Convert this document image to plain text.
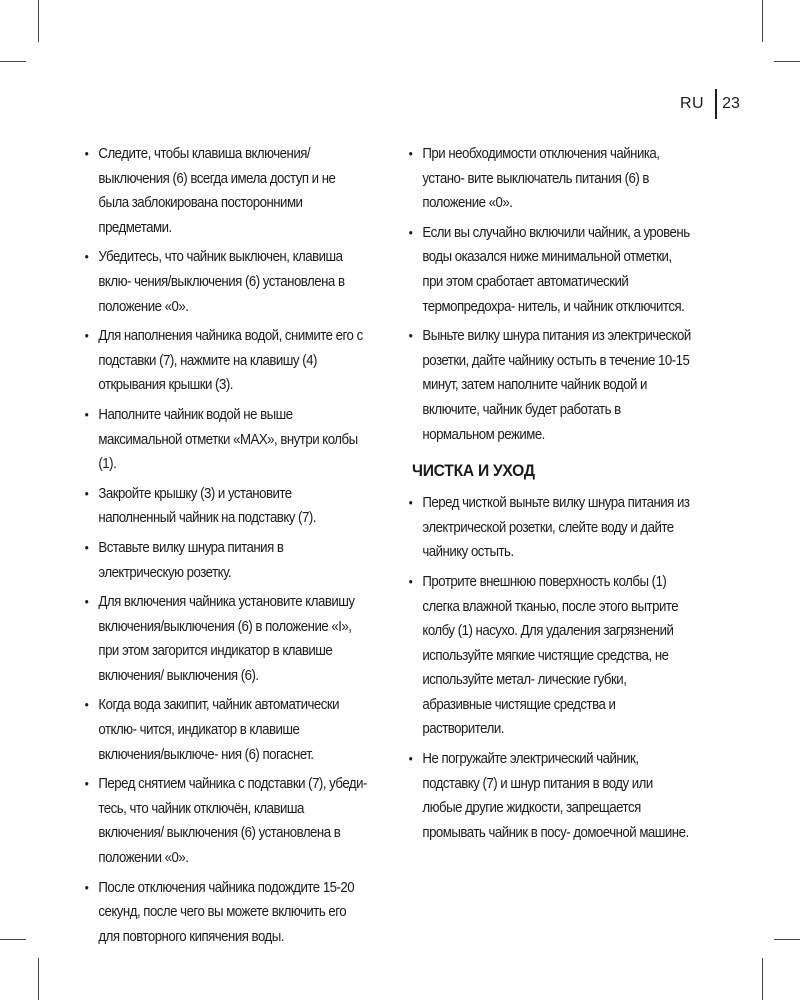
RU 23
• Следите, чтобы клавиша включения/выключения (6) всегда имела доступ и не была заблокирована посторонними предметами.
• Убедитесь, что чайник выключен, клавиша вклю- чения/выключения (6) установлена в положение «0».
• Для наполнения чайника водой, снимите его с подставки (7), нажмите на клавишу (4) открывания крышки (3).
• Наполните чайник водой не выше максимальной отметки «MAX», внутри колбы (1).
• Закройте крышку (3) и установите наполненный чайник на подставку (7).
• Вставьте вилку шнура питания в электрическую розетку.
• Для включения чайника установите клавишу включения/выключения (6) в положение «I», при этом загорится индикатор в клавише включения/ выключения (6).
• Когда вода закипит, чайник автоматически отклю- чится, индикатор в клавише включения/выключе- ния (6) погаснет.
• Перед снятием чайника с подставки (7), убеди- тесь, что чайник отключён, клавиша включения/ выключения (6) установлена в положении «0».
• После отключения чайника подождите 15-20 секунд, после чего вы можете включить его для повторного кипячения воды.
• При необходимости отключения чайника, устано- вите выключатель питания (6) в положение «0».
• Если вы случайно включили чайник, а уровень воды оказался ниже минимальной отметки, при этом сработает автоматический термопредохра- нитель, и чайник отключится.
• Выньте вилку шнура питания из электрической розетки, дайте чайнику остыть в течение 10-15 минут, затем наполните чайник водой и включите, чайник будет работать в нормальном режиме.
ЧИСТКА И УХОД
• Перед чисткой выньте вилку шнура питания из электрической розетки, слейте воду и дайте чайнику остыть.
• Протрите внешнюю поверхность колбы (1) слегка влажной тканью, после этого вытрите колбу (1) насухо. Для удаления загрязнений используйте мягкие чистящие средства, не используйте метал- лические губки, абразивные чистящие средства и растворители.
• Не погружайте электрический чайник, подставку (7) и шнур питания в воду или любые другие жидкости, запрещается промывать чайник в посу- домоечной машине.
